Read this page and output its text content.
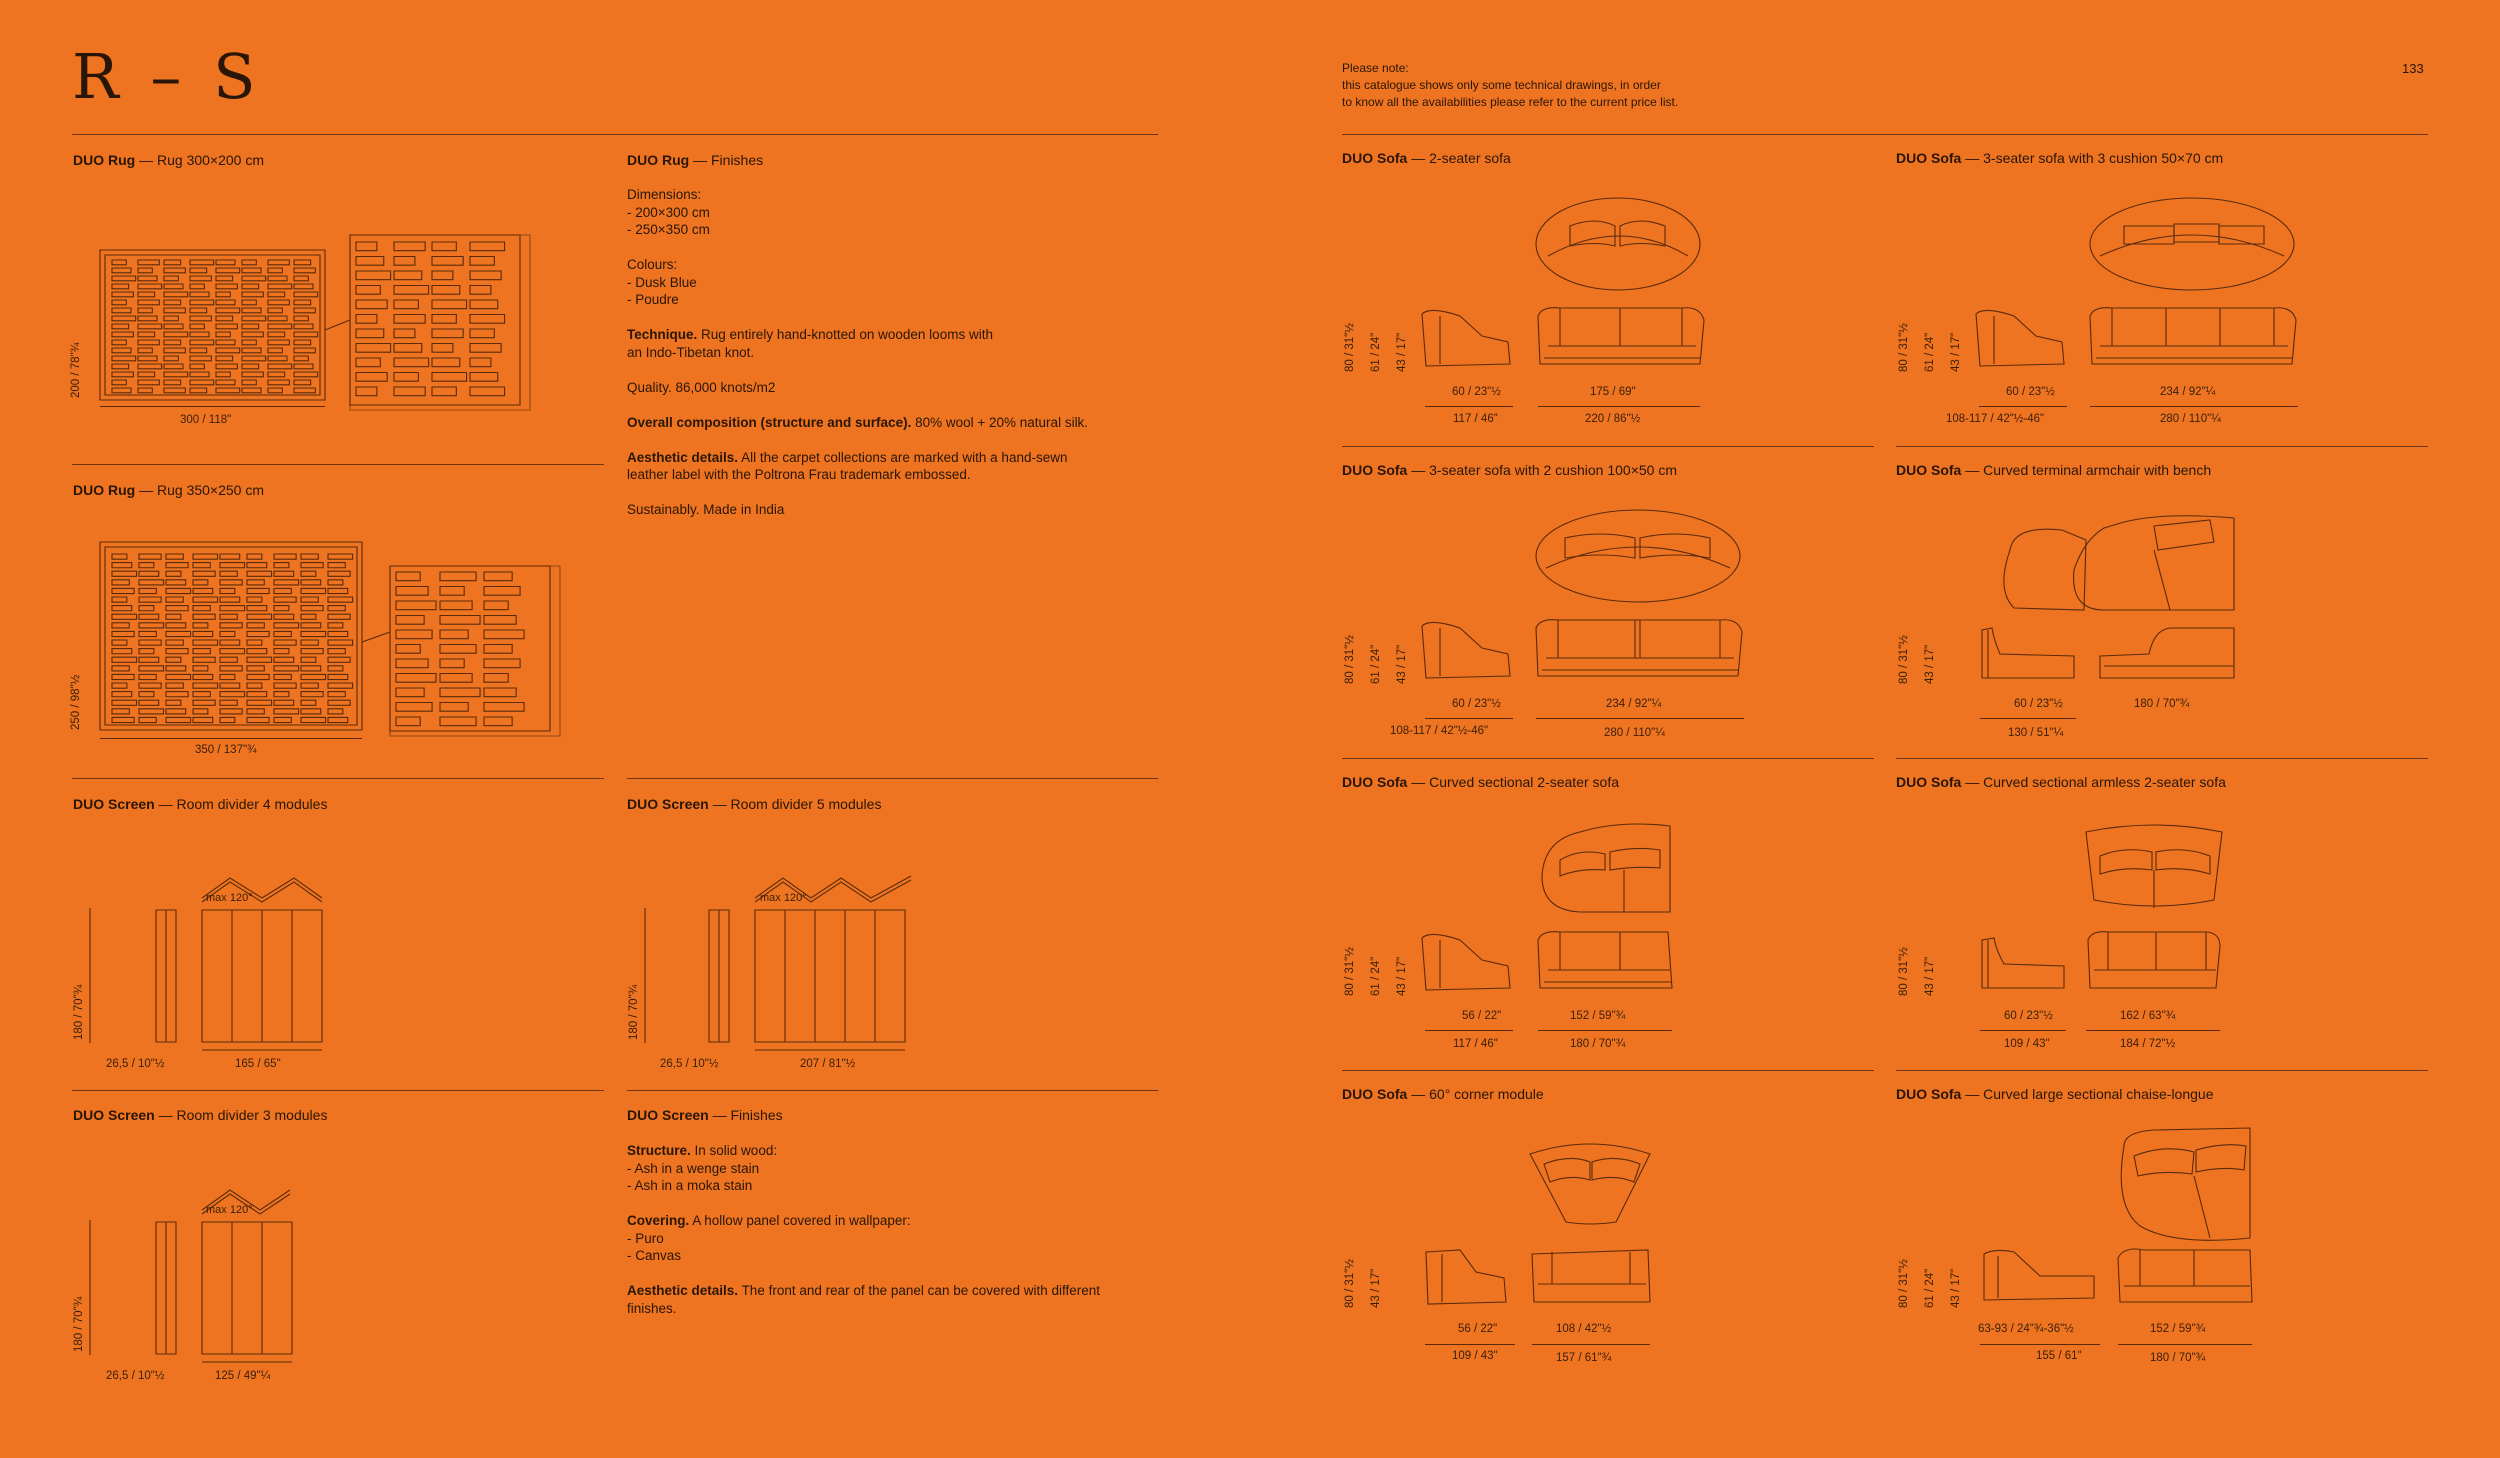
R – S	Please note:
this catalogue shows only some technical drawings, in order
to know all the availabilities please refer to the current price list.
133
DUO Rug — Rug 300×200 cm
200 / 78"¾
300 / 118"
DUO Rug — Finishes

Dimensions:
- 200×300 cm
- 250×350 cm

Colours:
- Dusk Blue
- Poudre

Technique. Rug entirely hand-knotted on wooden looms with
an Indo-Tibetan knot.

Quality. 86,000 knots/m2

Overall composition (structure and surface). 80% wool + 20% natural silk.

Aesthetic details. All the carpet collections are marked with a hand-sewn
leather label with the Poltrona Frau trademark embossed.

Sustainably. Made in India

DUO Rug — Rug 350×250 cm
250 / 98"½
350 / 137"¾
DUO Screen — Room divider 4 modules
max 120°
180 / 70"¾
26,5 / 10"½	165 / 65"
DUO Screen — Room divider 5 modules
max 120°
180 / 70"¾
26,5 / 10"½	207 / 81"½
DUO Screen — Room divider 3 modules
max 120°
180 / 70"¾
26,5 / 10"½	125 / 49"¼
DUO Screen — Finishes

Structure. In solid wood:
- Ash in a wenge stain
- Ash in a moka stain

Covering. A hollow panel covered in wallpaper:
- Puro
- Canvas

Aesthetic details. The front and rear of the panel can be covered with different
finishes.

DUO Sofa — 2-seater sofa
80 / 31"½ 61 / 24" 43 / 17"
60 / 23"½
117 / 46"
175 / 69"
220 / 86"½
DUO Sofa — 3-seater sofa with 3 cushion 50×70 cm
80 / 31"½ 61 / 24" 43 / 17"
60 / 23"½
108-117 / 42"½-46"
234 / 92"¼
280 / 110"¼
DUO Sofa — 3-seater sofa with 2 cushion 100×50 cm
80 / 31"½ 61 / 24" 43 / 17"
60 / 23"½
108-117 / 42"½-46"
234 / 92"¼
280 / 110"¼
DUO Sofa — Curved terminal armchair with bench
80 / 31"½ 43 / 17"
60 / 23"½
130 / 51"¼
180 / 70"¾
DUO Sofa — Curved sectional 2-seater sofa
80 / 31"½ 61 / 24" 43 / 17"
56 / 22"
117 / 46"
152 / 59"¾
180 / 70"¾
DUO Sofa — Curved sectional armless 2-seater sofa
80 / 31"½ 43 / 17"
60 / 23"½
109 / 43"
162 / 63"¾
184 / 72"½
DUO Sofa — 60° corner module
80 / 31"½ 43 / 17"
56 / 22"
109 / 43"
108 / 42"½
157 / 61"¾
DUO Sofa — Curved large sectional chaise-longue
80 / 31"½ 61 / 24" 43 / 17"
63-93 / 24"¾-36"½
155 / 61"
152 / 59"¾
180 / 70"¾
